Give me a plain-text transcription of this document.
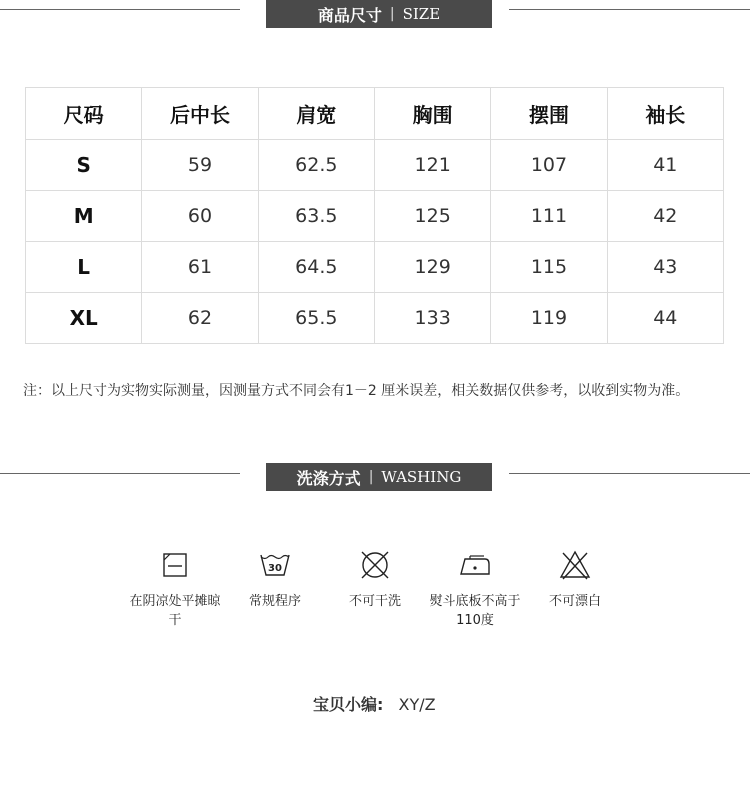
商品尺寸 | SIZE
尺码	后中长	肩宽	胸围	摆围	袖长
S	59	62.5	121	107	41
M	60	63.5	125	111	42
L	61	64.5	129	115	43
XL	62	65.5	133	119	44
注：以上尺寸为实物实际测量，因测量方式不同会有1－2 厘米误差，相关数据仅供参考，以收到实物为准。
洗涤方式 | WASHING
在阴凉处平摊晾干
30
常规程序	不可干洗	熨斗底板不高于110度
不可漂白
宝贝小编: XY/Z
